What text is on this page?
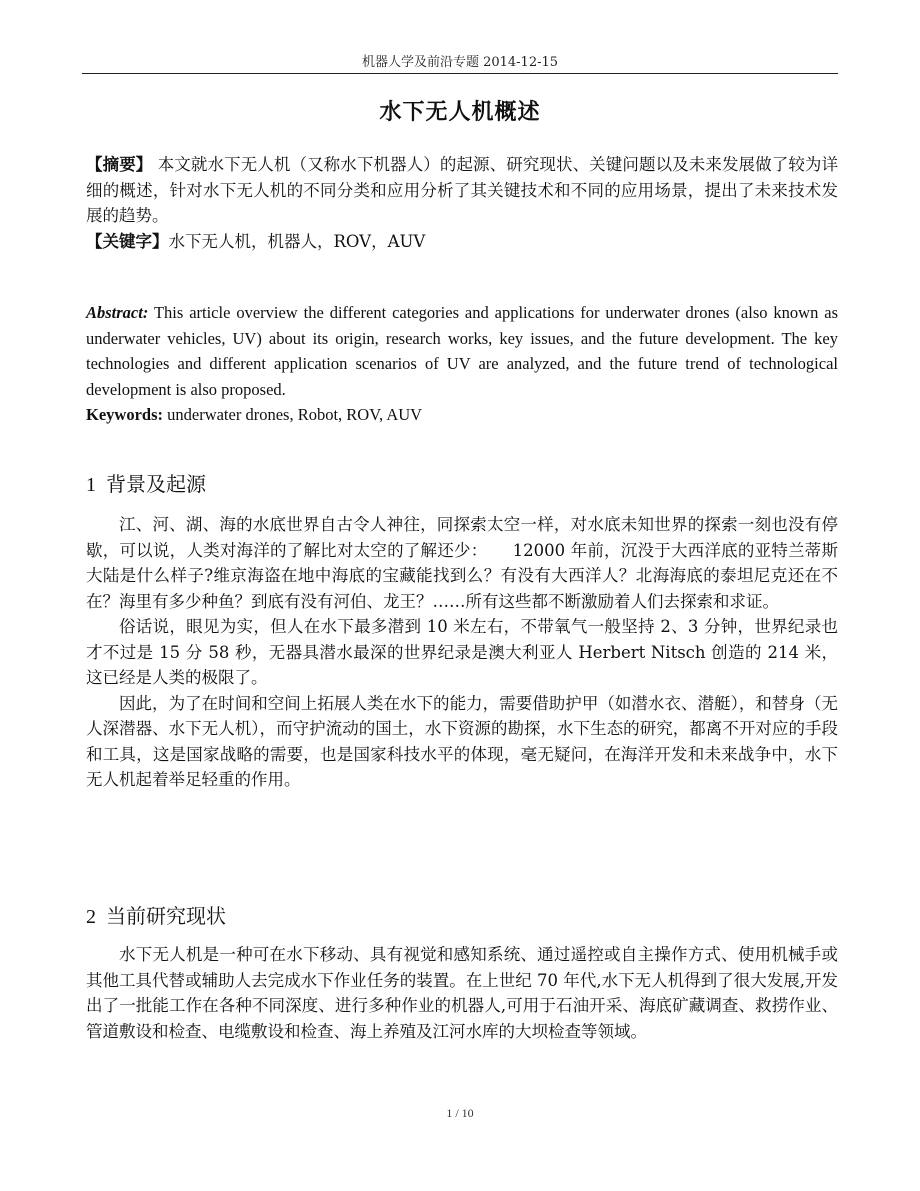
机器人学及前沿专题 2014-12-15
水下无人机概述

【摘要】 本文就水下无人机（又称水下机器人）的起源、研究现状、关键问题以及未来发展做了较为详细的概述，针对水下无人机的不同分类和应用分析了其关键技术和不同的应用场景，提出了未来技术发展的趋势。

【关键字】水下无人机，机器人，ROV，AUV

Abstract: This article overview the different categories and applications for underwater drones (also known as underwater vehicles, UV) about its origin, research works, key issues, and the future development. The key technologies and different application scenarios of UV are analyzed, and the future trend of technological development is also proposed.

Keywords: underwater drones, Robot, ROV, AUV

1 背景及起源

江、河、湖、海的水底世界自古令人神往，同探索太空一样，对水底未知世界的探索一刻也没有停歇，可以说，人类对海洋的了解比对太空的了解还少：　　12000 年前，沉没于大西洋底的亚特兰蒂斯大陆是什么样子?维京海盗在地中海底的宝藏能找到么？有没有大西洋人？北海海底的泰坦尼克还在不在？海里有多少种鱼？到底有没有河伯、龙王？……所有这些都不断激励着人们去探索和求证。

俗话说，眼见为实，但人在水下最多潜到 10 米左右，不带氧气一般坚持 2、3 分钟，世界纪录也才不过是 15 分 58 秒，无器具潜水最深的世界纪录是澳大利亚人 Herbert Nitsch 创造的 214 米，这已经是人类的极限了。

因此，为了在时间和空间上拓展人类在水下的能力，需要借助护甲（如潜水衣、潜艇），和替身（无人深潜器、水下无人机），而守护流动的国土，水下资源的勘探，水下生态的研究，都离不开对应的手段和工具，这是国家战略的需要，也是国家科技水平的体现，毫无疑问，在海洋开发和未来战争中，水下无人机起着举足轻重的作用。

2 当前研究现状

水下无人机是一种可在水下移动、具有视觉和感知系统、通过遥控或自主操作方式、使用机械手或其他工具代替或辅助人去完成水下作业任务的装置。在上世纪 70 年代,水下无人机得到了很大发展,开发出了一批能工作在各种不同深度、进行多种作业的机器人,可用于石油开采、海底矿藏调查、救捞作业、管道敷设和检查、电缆敷设和检查、海上养殖及江河水库的大坝检查等领域。

1 / 10
